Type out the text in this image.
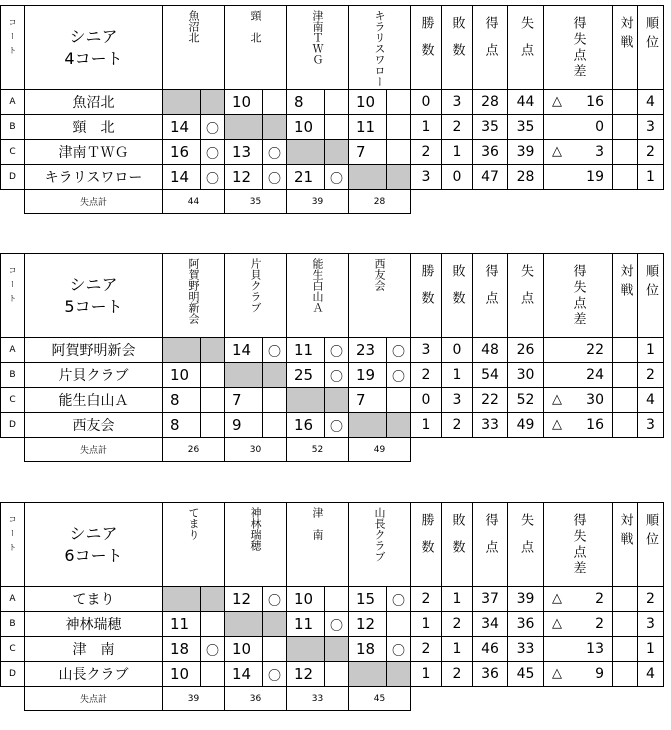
コート	シニア
4コート	魚沼北		頸　北		津南ＴＷＧ		キラリスワロー		勝数	敗数	得点	失点	得失点差	対戦	順位

A	魚沼北			10		8		10		0	3	28	44	△ 16		4
B	頸　北	14	〇			10		11		1	2	35	35	0		3
C	津南ＴＷＧ	16	〇	13	〇			7		2	1	36	39	△ 3		2
D	キラリスワロー	14	〇	12	〇	21	〇			3	0	47	28	19		1
	失点計	44		35		39		28								
コート	シニア
5コート	阿賀野明新会		片貝クラブ		能生白山Ａ		西友会		勝数	敗数	得点	失点	得失点差	対戦	順位

A	阿賀野明新会			14	〇	11	〇	23	〇	3	0	48	26	22		1
B	片貝クラブ	10				25	〇	19	〇	2	1	54	30	24		2
C	能生白山Ａ	8		7				7		0	3	22	52	△ 30		4
D	西友会	8		9		16	〇			1	2	33	49	△ 16		3
	失点計	26		30		52		49								
コート	シニア
6コート	てまり		神林瑞穂		津　南		山長クラブ		勝数	敗数	得点	失点	得失点差	対戦	順位

A	てまり			12	〇	10		15	〇	2	1	37	39	△ 2		2
B	神林瑞穂	11				11	〇	12		1	2	34	36	△ 2		3
C	津　南	18	〇	10				18	〇	2	1	46	33	13		1
D	山長クラブ	10		14	〇	12				1	2	36	45	△ 9		4
	失点計	39		36		33		45								
